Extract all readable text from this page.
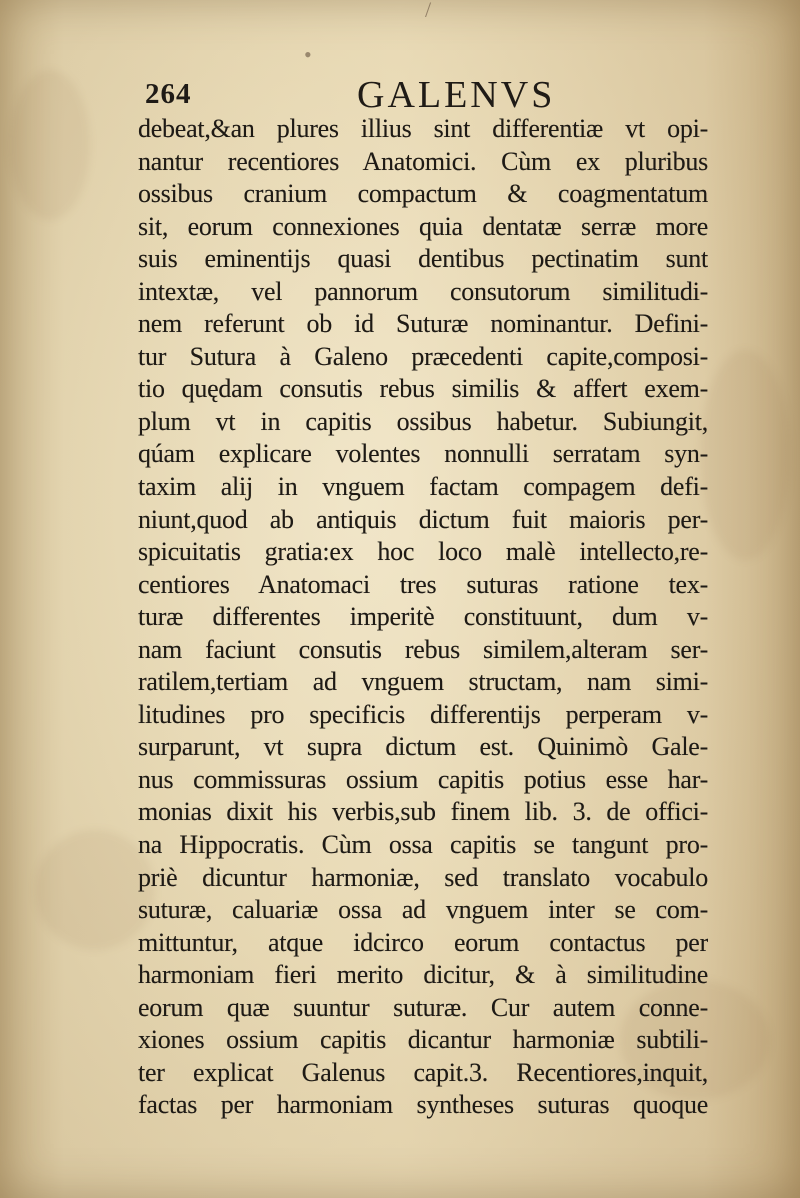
•
/
264	GALENVS
debeat,&an plures illius sint differentiæ vt opi-
nantur recentiores Anatomici. Cùm ex pluribus
ossibus cranium compactum & coagmentatum
sit, eorum connexiones quia dentatæ serræ more
suis eminentijs quasi dentibus pectinatim sunt
intextæ, vel pannorum consutorum similitudi-
nem referunt ob id Suturæ nominantur. Defini-
tur Sutura à Galeno præcedenti capite,composi-
tio quędam consutis rebus similis & affert exem-
plum vt in capitis ossibus habetur. Subiungit,
qúam explicare volentes nonnulli serratam syn-
taxim alij in vnguem factam compagem defi-
niunt,quod ab antiquis dictum fuit maioris per-
spicuitatis gratia:ex hoc loco malè intellecto,re-
centiores Anatomaci tres suturas ratione tex-
turæ differentes imperitè constituunt, dum v-
nam faciunt consutis rebus similem,alteram ser-
ratilem,tertiam ad vnguem structam, nam simi-
litudines pro specificis differentijs perperam v-
surparunt, vt supra dictum est. Quinimò Gale-
nus commissuras ossium capitis potius esse har-
monias dixit his verbis,sub finem lib. 3. de offici-
na Hippocratis. Cùm ossa capitis se tangunt pro-
priè dicuntur harmoniæ, sed translato vocabulo
suturæ, caluariæ ossa ad vnguem inter se com-
mittuntur, atque idcirco eorum contactus per
harmoniam fieri merito dicitur, & à similitudine
eorum quæ suuntur suturæ. Cur autem conne-
xiones ossium capitis dicantur harmoniæ subtili-
ter explicat Galenus capit.3. Recentiores,inquit,
factas per harmoniam syntheses suturas quoque
